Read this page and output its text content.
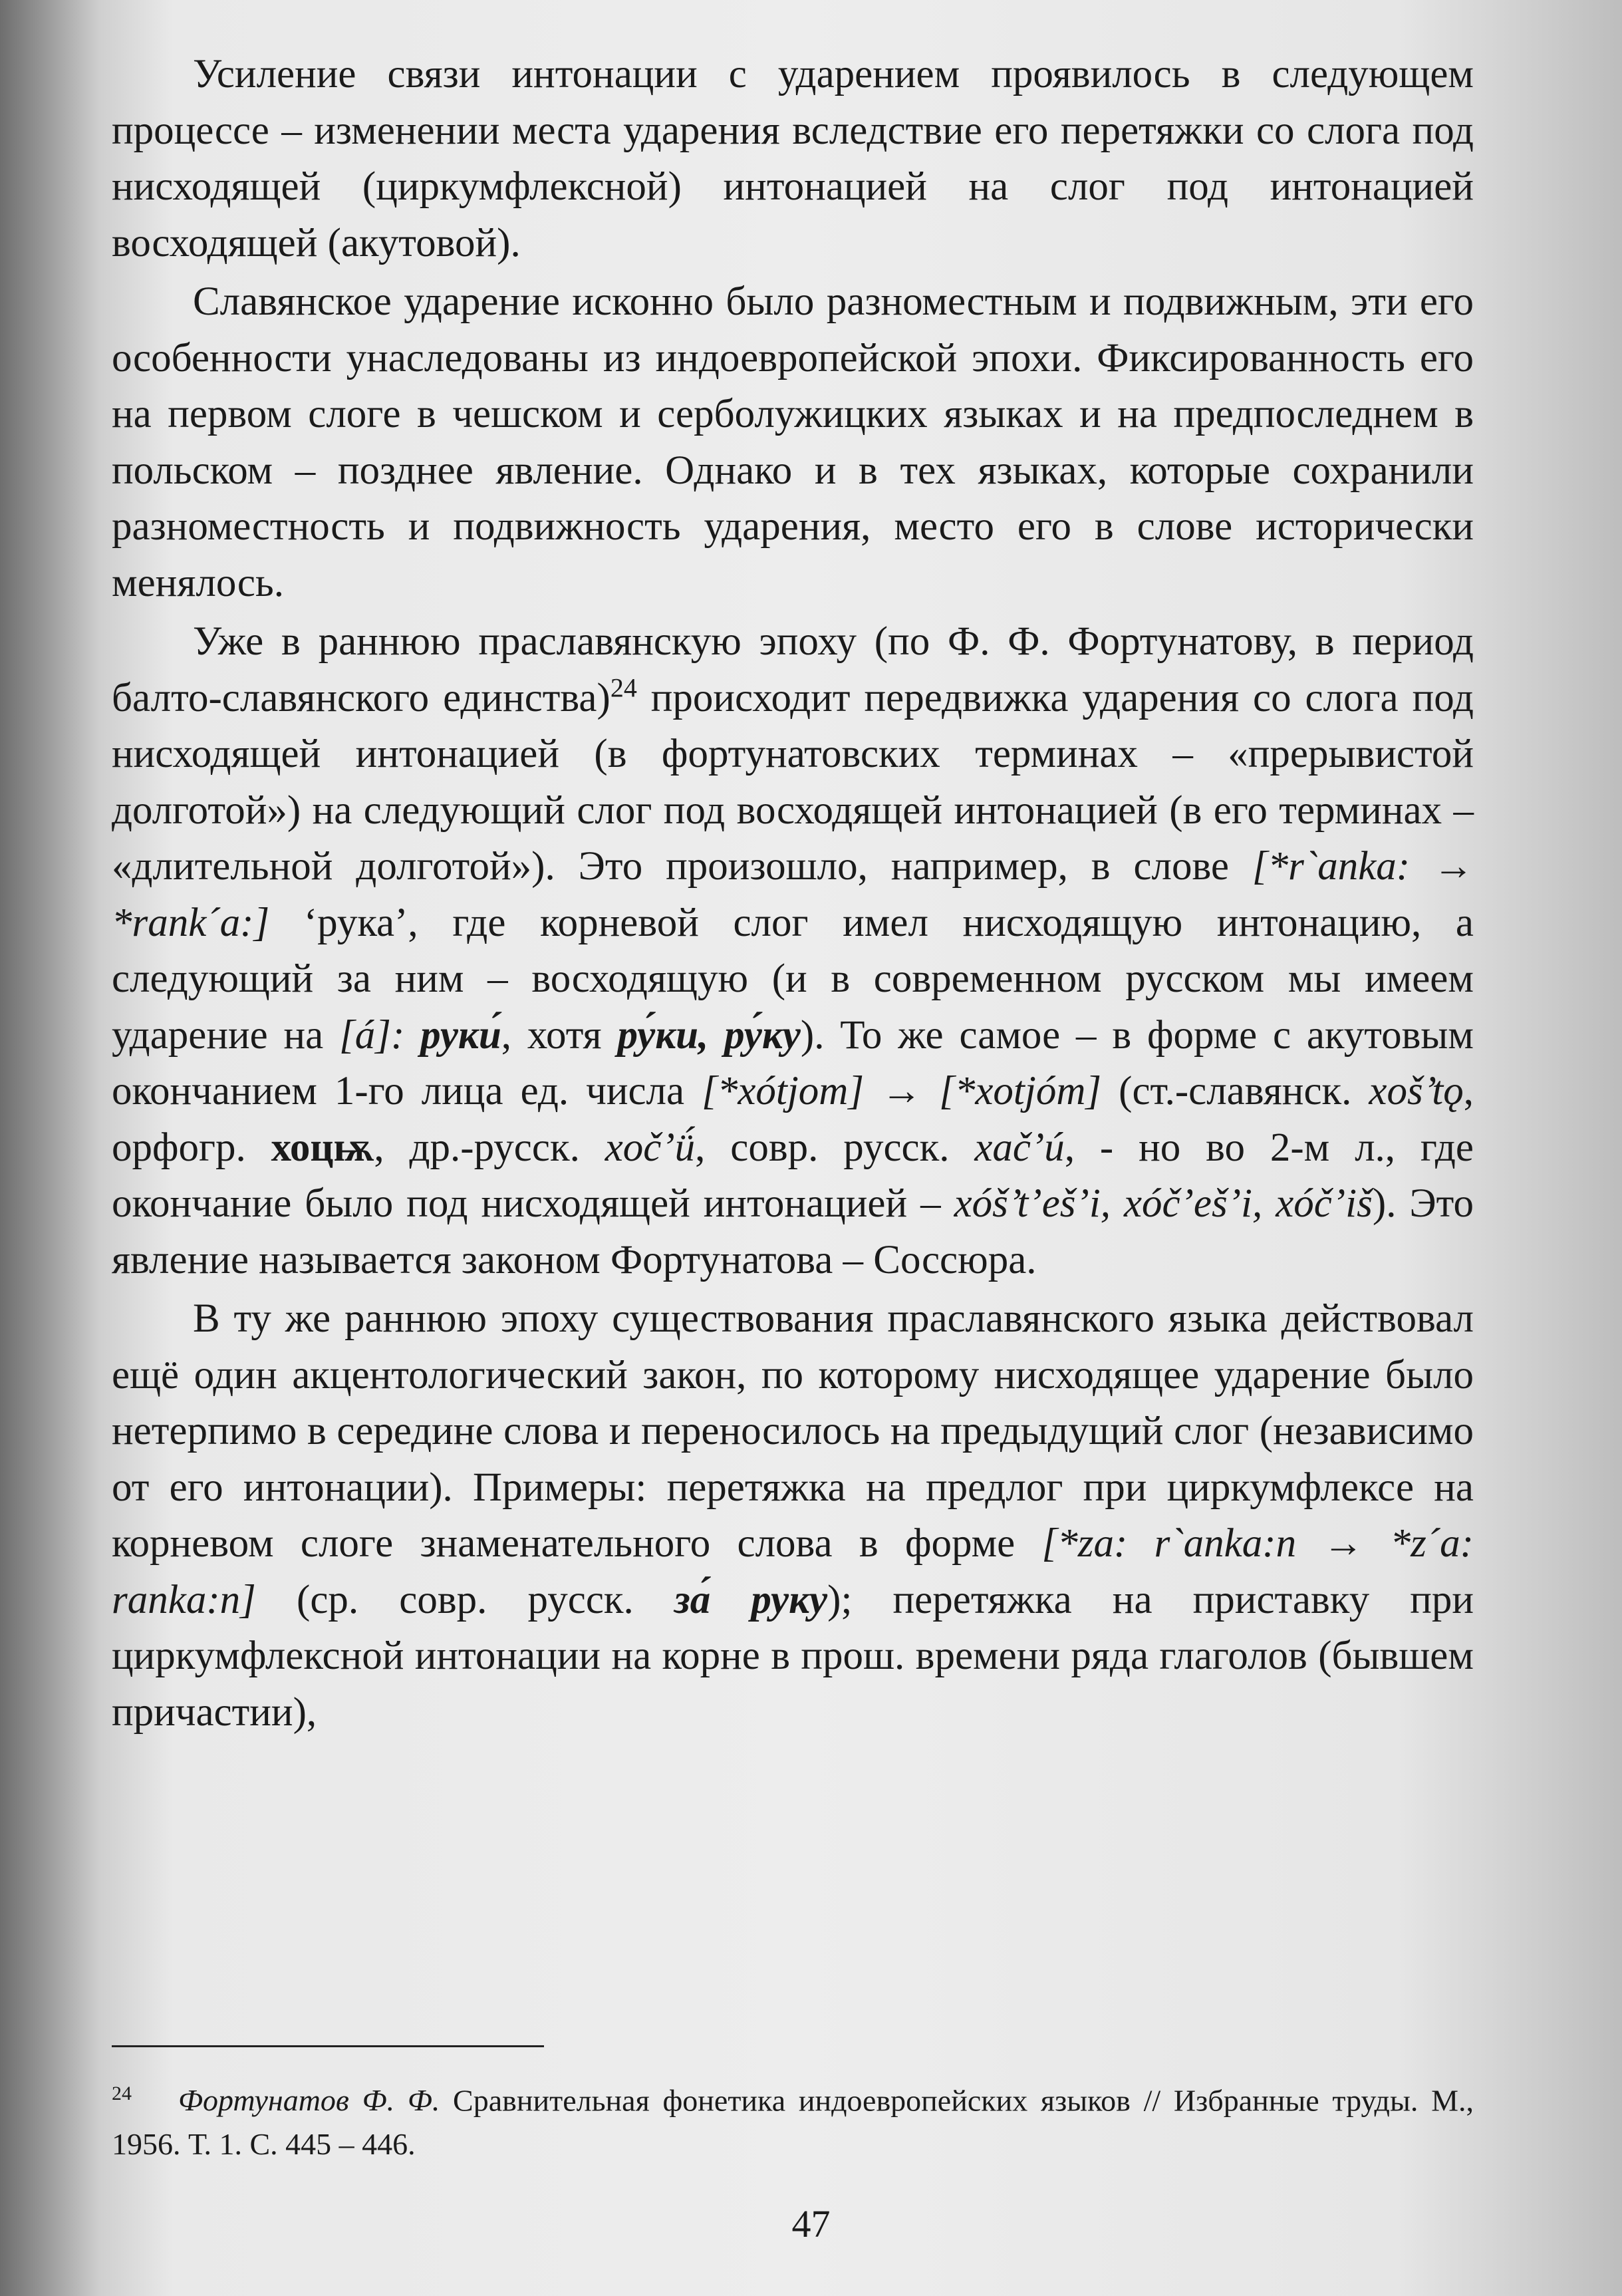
Усиление связи интонации с ударением проявилось в следующем процессе – изменении места ударения вследствие его перетяжки со слога под нисходящей (циркумфлексной) интонацией на слог под интонацией восходящей (акутовой).

Славянское ударение исконно было разноместным и подвижным, эти его особенности унаследованы из индоевропейской эпохи. Фиксированность его на первом слоге в чешском и серболужицких языках и на предпоследнем в польском – позднее явление. Однако и в тех языках, которые сохранили разноместность и подвижность ударения, место его в слове исторически менялось.

Уже в раннюю праславянскую эпоху (по Ф. Ф. Фортунатову, в период балто-славянского единства)$^{24}$ происходит передвижка ударения со слога под нисходящей интонацией (в фортунатовских терминах – «прерывистой долготой») на следующий слог под восходящей интонацией (в его терминах – «длительной долготой»). Это произошло, например, в слове [*r`anka: → *rank´a:] ‘рука’, где корневой слог имел нисходящую интонацию, а следующий за ним – восходящую (и в современном русском мы имеем ударение на [á]: руки́, хотя ру́ки, ру́ку). То же самое – в форме с акутовым окончанием 1-го лица ед. числа [*xótjom] → [*xotjóm] (ст.-славянск. xoš’tǫ, орфогр. хоцѭ, др.-русск. xoč’ǘ, совр. русск. xač’ú, - но во 2-м л., где окончание было под нисходящей интонацией – xóš’t’eš’i, xóč’eš’i, xóč’iš). Это явление называется законом Фортунатова – Соссюра.

В ту же раннюю эпоху существования праславянского языка действовал ещё один акцентологический закон, по которому нисходящее ударение было нетерпимо в середине слова и переносилось на предыдущий слог (независимо от его интонации). Примеры: перетяжка на предлог при циркумфлексе на корневом слоге знаменательного слова в форме [*za: r`anka:n → *z´a: ranka:n] (ср. совр. русск. за́ руку); перетяжка на приставку при циркумфлексной интонации на корне в прош. времени ряда глаголов (бывшем причастии),

$^{24}$ Фортунатов Ф. Ф. Сравнительная фонетика индоевропейских языков // Избранные труды. М., 1956. Т. 1. С. 445 – 446.
47
